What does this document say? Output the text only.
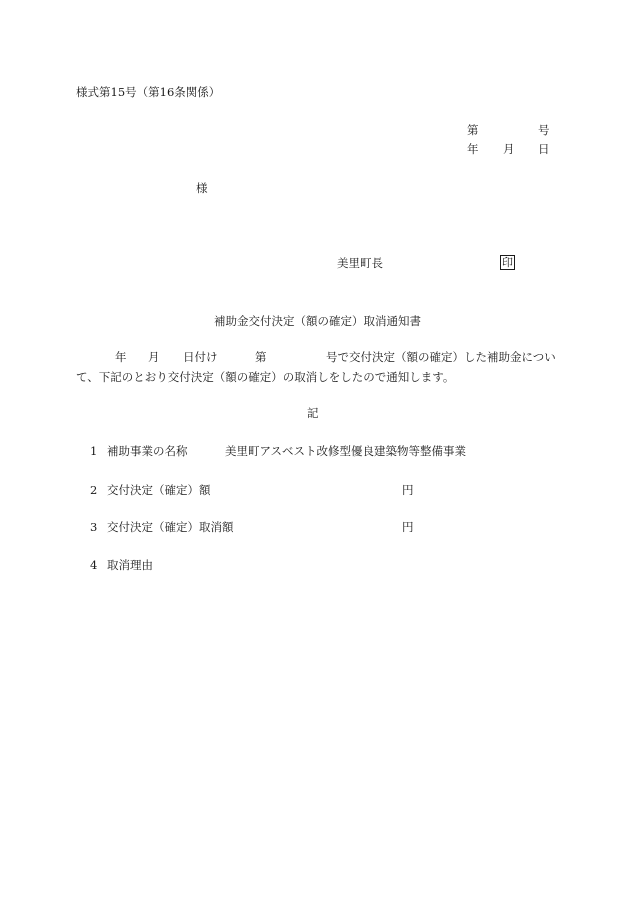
様式第15号（第16条関係）
第	号
年 月 日
様
美里町長	印
補助金交付決定（額の確定）取消通知書
年 月 日付け	第	号で交付決定（額の確定）した補助金につい
て、下記のとおり交付決定（額の確定）の取消しをしたので通知します。
記
1 補助事業の名称	美里町アスベスト改修型優良建築物等整備事業
2 交付決定（確定）額	円
3 交付決定（確定）取消額	円
4 取消理由
